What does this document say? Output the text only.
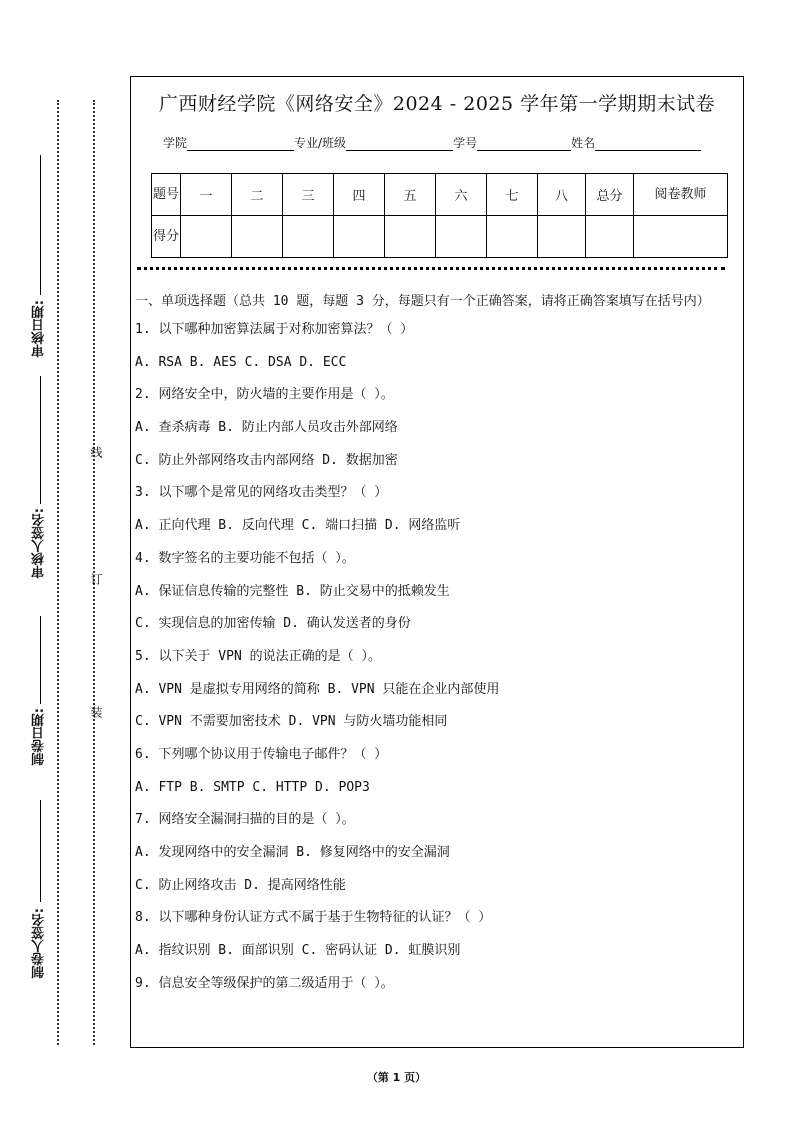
审核日期:
审核人签名:
制卷日期:
制卷人签名:
线
订
装
广西财经学院《网络安全》2024 - 2025 学年第一学期期末试卷
学院	专业/班级	学号	姓名
题号	一	二	三	四	五	六	七	八	总分	阅卷教师
得分										
一、单项选择题（总共 10 题，每题 3 分，每题只有一个正确答案，请将正确答案填写在括号内）
1. 以下哪种加密算法属于对称加密算法？（ ）
A. RSA B. AES C. DSA D. ECC
2. 网络安全中，防火墙的主要作用是（ ）。
A. 查杀病毒 B. 防止内部人员攻击外部网络
C. 防止外部网络攻击内部网络 D. 数据加密
3. 以下哪个是常见的网络攻击类型？（ ）
A. 正向代理 B. 反向代理 C. 端口扫描 D. 网络监听
4. 数字签名的主要功能不包括（ ）。
A. 保证信息传输的完整性 B. 防止交易中的抵赖发生
C. 实现信息的加密传输 D. 确认发送者的身份
5. 以下关于 VPN 的说法正确的是（ ）。
A. VPN 是虚拟专用网络的简称 B. VPN 只能在企业内部使用
C. VPN 不需要加密技术 D. VPN 与防火墙功能相同
6. 下列哪个协议用于传输电子邮件？（ ）
A. FTP B. SMTP C. HTTP D. POP3
7. 网络安全漏洞扫描的目的是（ ）。
A. 发现网络中的安全漏洞 B. 修复网络中的安全漏洞
C. 防止网络攻击 D. 提高网络性能
8. 以下哪种身份认证方式不属于基于生物特征的认证？（ ）
A. 指纹识别 B. 面部识别 C. 密码认证 D. 虹膜识别
9. 信息安全等级保护的第二级适用于（ ）。
（第 1 页）
